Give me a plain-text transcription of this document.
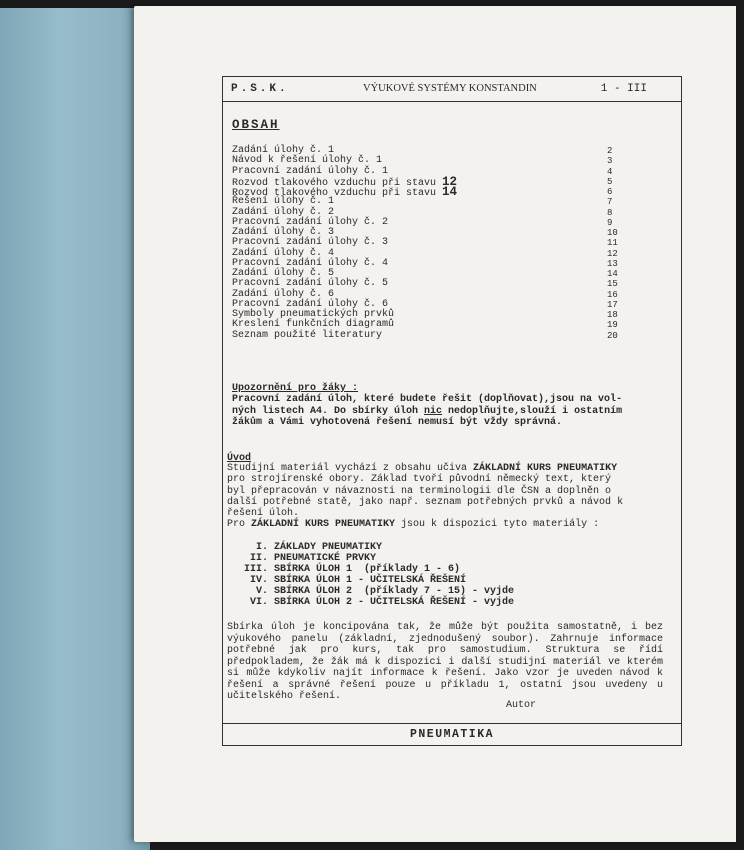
P.S.K.	VÝUKOVÉ SYSTÉMY KONSTANDIN	1 - III
PNEUMATIKA
OBSAH
Zadání úlohy č. 1	2
Návod k řešení úlohy č. 1	3
Pracovní zadání úlohy č. 1	4
Rozvod tlakového vzduchu při stavu 12	5
Rozvod tlakového vzduchu při stavu 14	6
Řešení úlohy č. 1	7
Zadání úlohy č. 2	8
Pracovní zadání úlohy č. 2	9
Zadání úlohy č. 3	10
Pracovní zadání úlohy č. 3	11
Zadání úlohy č. 4	12
Pracovní zadání úlohy č. 4	13
Zadání úlohy č. 5	14
Pracovní zadání úlohy č. 5	15
Zadání úlohy č. 6	16
Pracovní zadání úlohy č. 6	17
Symboly pneumatických prvků	18
Kreslení funkčních diagramů	19
Seznam použité literatury	20
Upozornění pro žáky :

Pracovní zadání úloh, které budete řešit (doplňovat),jsou na vol-
ných listech A4. Do sbírky úloh nic nedoplňujte,slouží i ostatním
žákům a Vámi vyhotovená řešení nemusí být vždy správná.

Úvod

Studijní materiál vychází z obsahu učiva ZÁKLADNÍ KURS PNEUMATIKY
pro strojírenské obory. Základ tvoří původní německý text, který
byl přepracován v návaznosti na terminologii dle ČSN a doplněn o
další potřebné statě, jako např. seznam potřebných prvků a návod k
řešení úloh.
Pro ZÁKLADNÍ KURS PNEUMATIKY jsou k dispozici tyto materiály :

I. ZÁKLADY PNEUMATIKY
II. PNEUMATICKÉ PRVKY
III. SBÍRKA ÚLOH 1  (příklady 1 - 6)
IV. SBÍRKA ÚLOH 1 - UČITELSKÁ ŘEŠENÍ
V. SBÍRKA ÚLOH 2  (příklady 7 - 15) - vyjde
VI. SBÍRKA ÚLOH 2 - UČITELSKÁ ŘEŠENÍ - vyjde

Sbírka úloh je koncipována tak, že může být použita samostatně, i bez výukového panelu (základní, zjednodušený soubor). Zahrnuje informace potřebné jak pro kurs, tak pro samostudium. Struktura se řídí předpokladem, že žák má k dispozici i další studijní materiál ve kterém si může kdykoliv najít informace k řešení. Jako vzor je uveden návod k řešení a správné řešení pouze u příkladu 1, ostatní jsou uvedeny u učitelského řešení.

Autor
